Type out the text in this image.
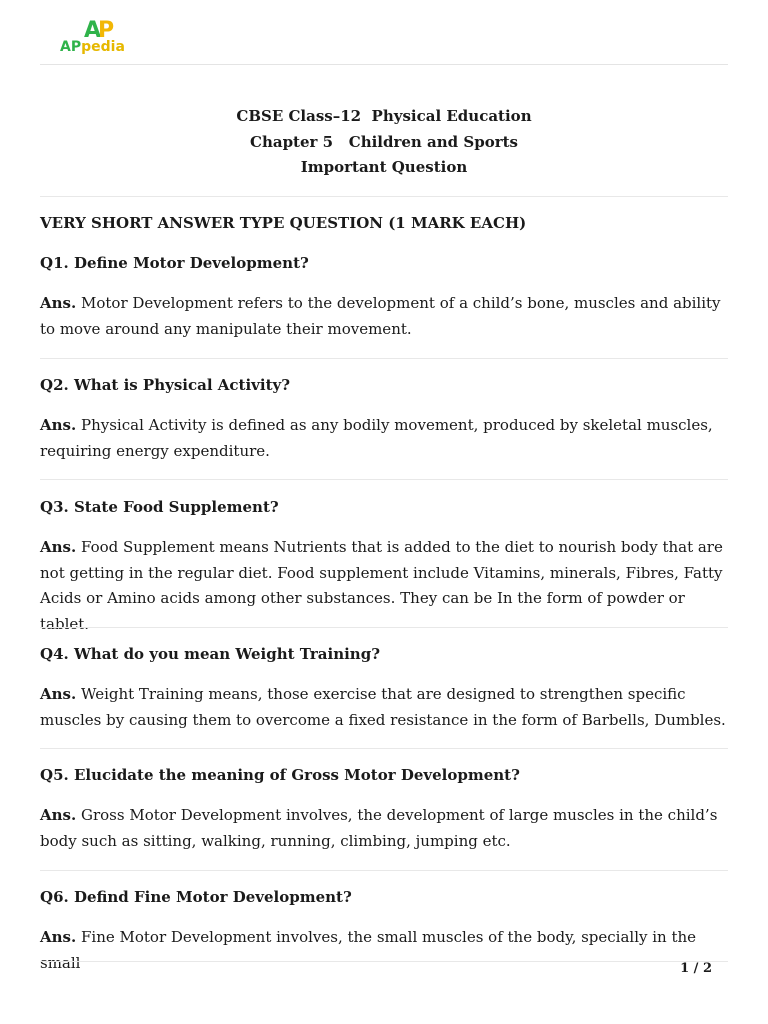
AP
APpedia
CBSE Class–12  Physical Education
Chapter 5   Children and Sports
Important Question
VERY SHORT ANSWER TYPE QUESTION (1 MARK EACH)
Q1. Define Motor Development?
Ans. Motor Development refers to the development of a child’s bone, muscles and ability to move around any manipulate their movement.
Q2. What is Physical Activity?
Ans. Physical Activity is defined as any bodily movement, produced by skeletal muscles, requiring energy expenditure.
Q3. State Food Supplement?
Ans. Food Supplement means Nutrients that is added to the diet to nourish body that are not getting in the regular diet. Food supplement include Vitamins, minerals, Fibres, Fatty Acids or Amino acids among other substances. They can be In the form of powder or tablet.
Q4. What do you mean Weight Training?
Ans. Weight Training means, those exercise that are designed to strengthen specific muscles by causing them to overcome a fixed resistance in the form of Barbells, Dumbles.
Q5. Elucidate the meaning of Gross Motor Development?
Ans. Gross Motor Development involves, the development of large muscles in the child’s body such as sitting, walking, running, climbing, jumping etc.
Q6. Defind Fine Motor Development?
Ans. Fine Motor Development involves, the small muscles of the body, specially in the small	1 / 2
